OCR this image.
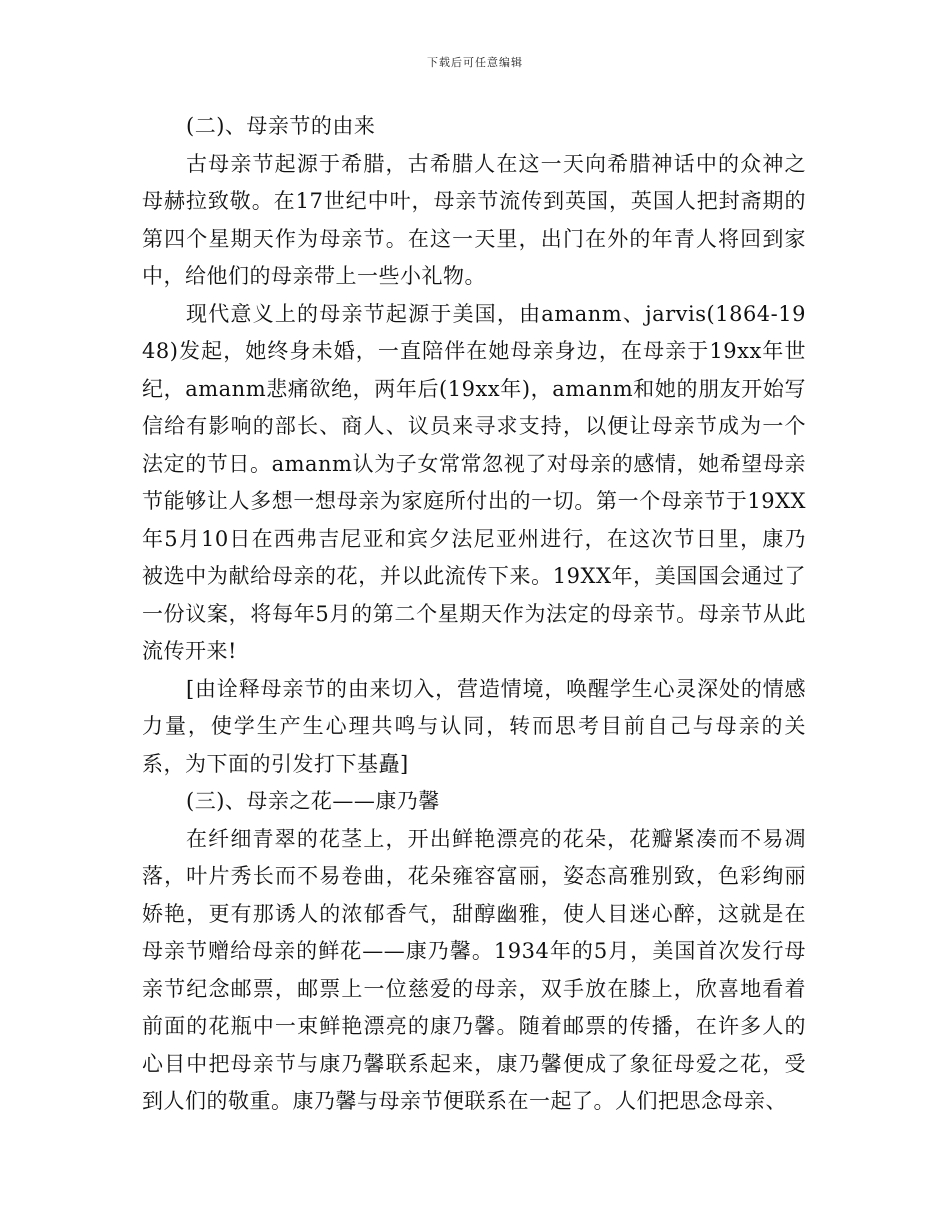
下载后可任意编辑

(二)、母亲节的由来

古母亲节起源于希腊，古希腊人在这一天向希腊神话中的众神之母赫拉致敬。在17世纪中叶，母亲节流传到英国，英国人把封斋期的第四个星期天作为母亲节。在这一天里，出门在外的年青人将回到家中，给他们的母亲带上一些小礼物。

现代意义上的母亲节起源于美国，由amanm、jarvis(1864-1948)发起，她终身未婚，一直陪伴在她母亲身边，在母亲于19xx年世纪，amanm悲痛欲绝，两年后(19xx年)，amanm和她的朋友开始写信给有影响的部长、商人、议员来寻求支持，以便让母亲节成为一个法定的节日。amanm认为子女常常忽视了对母亲的感情，她希望母亲节能够让人多想一想母亲为家庭所付出的一切。第一个母亲节于19XX年5月10日在西弗吉尼亚和宾夕法尼亚州进行，在这次节日里，康乃被选中为献给母亲的花，并以此流传下来。19XX年，美国国会通过了一份议案，将每年5月的第二个星期天作为法定的母亲节。母亲节从此流传开来!

[由诠释母亲节的由来切入，营造情境，唤醒学生心灵深处的情感力量，使学生产生心理共鸣与认同，转而思考目前自己与母亲的关系，为下面的引发打下基矗]

(三)、母亲之花——康乃馨

在纤细青翠的花茎上，开出鲜艳漂亮的花朵，花瓣紧凑而不易凋落，叶片秀长而不易卷曲，花朵雍容富丽，姿态高雅别致，色彩绚丽娇艳，更有那诱人的浓郁香气，甜醇幽雅，使人目迷心醉，这就是在母亲节赠给母亲的鲜花——康乃馨。1934年的5月，美国首次发行母亲节纪念邮票，邮票上一位慈爱的母亲，双手放在膝上，欣喜地看着前面的花瓶中一束鲜艳漂亮的康乃馨。随着邮票的传播，在许多人的心目中把母亲节与康乃馨联系起来，康乃馨便成了象征母爱之花，受到人们的敬重。康乃馨与母亲节便联系在一起了。人们把思念母亲、
